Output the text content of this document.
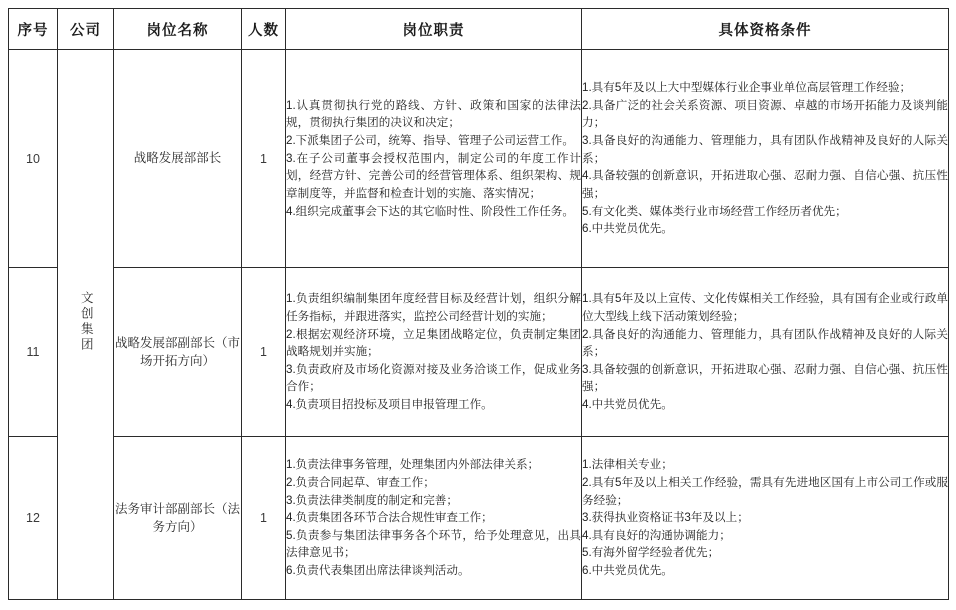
序号	公司	岗位名称	人数	岗位职责	具体资格条件
10	文创集团	战略发展部部长	1	
1.认真贯彻执行党的路线、方针、政策和国家的法律法规，贯彻执行集团的决议和决定；
2.下派集团子公司，统筹、指导、管理子公司运营工作。
3.在子公司董事会授权范围内，制定公司的年度工作计划，经营方针、完善公司的经营管理体系、组织架构、规章制度等，并监督和检查计划的实施、落实情况；
4.组织完成董事会下达的其它临时性、阶段性工作任务。

1.具有5年及以上大中型媒体行业企事业单位高层管理工作经验；
2.具备广泛的社会关系资源、项目资源、卓越的市场开拓能力及谈判能力；
3.具备良好的沟通能力、管理能力，具有团队作战精神及良好的人际关系；
4.具备较强的创新意识，开拓进取心强、忍耐力强、自信心强、抗压性强；
5.有文化类、媒体类行业市场经营工作经历者优先；
6.中共党员优先。

11	战略发展部副部长（市场开拓方向）	1	
1.负责组织编制集团年度经营目标及经营计划，组织分解任务指标，并跟进落实，监控公司经营计划的实施；
2.根据宏观经济环境，立足集团战略定位，负责制定集团战略规划并实施；
3.负责政府及市场化资源对接及业务洽谈工作，促成业务合作；
4.负责项目招投标及项目申报管理工作。

1.具有5年及以上宣传、文化传媒相关工作经验，具有国有企业或行政单位大型线上线下活动策划经验；
2.具备良好的沟通能力、管理能力，具有团队作战精神及良好的人际关系；
3.具备较强的创新意识，开拓进取心强、忍耐力强、自信心强、抗压性强；
4.中共党员优先。

12	法务审计部副部长（法务方向）	1	
1.负责法律事务管理，处理集团内外部法律关系；
2.负责合同起草、审查工作；
3.负责法律类制度的制定和完善；
4.负责集团各环节合法合规性审查工作；
5.负责参与集团法律事务各个环节，给予处理意见，出具法律意见书；
6.负责代表集团出席法律谈判活动。

1.法律相关专业；
2.具有5年及以上相关工作经验，需具有先进地区国有上市公司工作或服务经验；
3.获得执业资格证书3年及以上；
4.具有良好的沟通协调能力；
5.有海外留学经验者优先；
6.中共党员优先。
